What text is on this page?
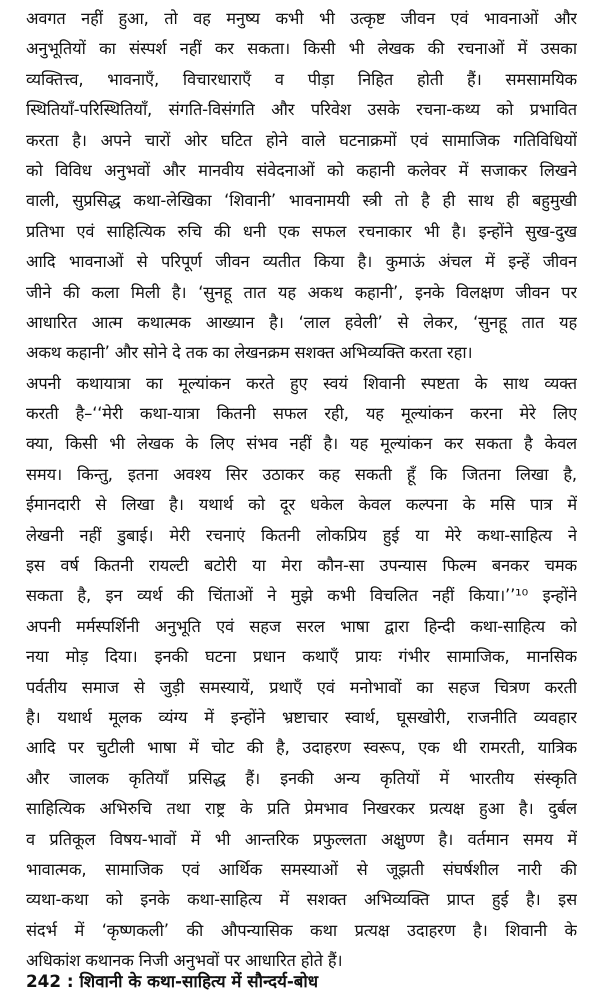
अवगत नहीं हुआ, तो वह मनुष्य कभी भी उत्कृष्ट जीवन एवं भावनाओं और
अनुभूतियों का संस्पर्श नहीं कर सकता। किसी भी लेखक की रचनाओं में उसका
व्यक्तित्त्व, भावनाएँ, विचारधाराएँ व पीड़ा निहित होती हैं। समसामयिक
स्थितियाँ-परिस्थितियाँ, संगति-विसंगति और परिवेश उसके रचना-कथ्य को प्रभावित
करता है। अपने चारों ओर घटित होने वाले घटनाक्रमों एवं सामाजिक गतिविधियों
को विविध अनुभवों और मानवीय संवेदनाओं को कहानी कलेवर में सजाकर लिखने
वाली, सुप्रसिद्ध कथा-लेखिका ‘शिवानी’ भावनामयी स्त्री तो है ही साथ ही बहुमुखी
प्रतिभा एवं साहित्यिक रुचि की धनी एक सफल रचनाकार भी है। इन्होंने सुख-दुख
आदि भावनाओं से परिपूर्ण जीवन व्यतीत किया है। कुमाऊं अंचल में इन्हें जीवन
जीने की कला मिली है। ‘सुनहू तात यह अकथ कहानी’, इनके विलक्षण जीवन पर
आधारित आत्म कथात्मक आख्यान है। ‘लाल हवेली’ से लेकर, ‘सुनहू तात यह
अकथ कहानी’ और सोने दे तक का लेखनक्रम सशक्त अभिव्यक्ति करता रहा।
अपनी कथायात्रा का मूल्यांकन करते हुए स्वयं शिवानी स्पष्टता के साथ व्यक्त
करती है–‘‘मेरी कथा-यात्रा कितनी सफल रही, यह मूल्यांकन करना मेरे लिए
क्या, किसी भी लेखक के लिए संभव नहीं है। यह मूल्यांकन कर सकता है केवल
समय। किन्तु, इतना अवश्य सिर उठाकर कह सकती हूँ कि जितना लिखा है,
ईमानदारी से लिखा है। यथार्थ को दूर धकेल केवल कल्पना के मसि पात्र में
लेखनी नहीं डुबाई। मेरी रचनाएं कितनी लोकप्रिय हुई या मेरे कथा-साहित्य ने
इस वर्ष कितनी रायल्टी बटोरी या मेरा कौन-सा उपन्यास फिल्म बनकर चमक
सकता है, इन व्यर्थ की चिंताओं ने मुझे कभी विचलित नहीं किया।’’¹⁰ इन्होंने
अपनी मर्मस्पर्शिनी अनुभूति एवं सहज सरल भाषा द्वारा हिन्दी कथा-साहित्य को
नया मोड़ दिया। इनकी घटना प्रधान कथाएँ प्रायः गंभीर सामाजिक, मानसिक
पर्वतीय समाज से जुड़ी समस्यायें, प्रथाएँ एवं मनोभावों का सहज चित्रण करती
है। यथार्थ मूलक व्यंग्य में इन्होंने भ्रष्टाचार स्वार्थ, घूसखोरी, राजनीति व्यवहार
आदि पर चुटीली भाषा में चोट की है, उदाहरण स्वरूप, एक थी रामरती, यात्रिक
और जालक कृतियाँ प्रसिद्ध हैं। इनकी अन्य कृतियों में भारतीय संस्कृति
साहित्यिक अभिरुचि तथा राष्ट्र के प्रति प्रेमभाव निखरकर प्रत्यक्ष हुआ है। दुर्बल
व प्रतिकूल विषय-भावों में भी आन्तरिक प्रफुल्लता अक्षुण्ण है। वर्तमान समय में
भावात्मक, सामाजिक एवं आर्थिक समस्याओं से जूझती संघर्षशील नारी की
व्यथा-कथा को इनके कथा-साहित्य में सशक्त अभिव्यक्ति प्राप्त हुई है। इस
संदर्भ में ‘कृष्णकली’ की औपन्यासिक कथा प्रत्यक्ष उदाहरण है। शिवानी के
अधिकांश कथानक निजी अनुभवों पर आधारित होते हैं।
242 : शिवानी के कथा-साहित्य में सौन्दर्य-बोध
